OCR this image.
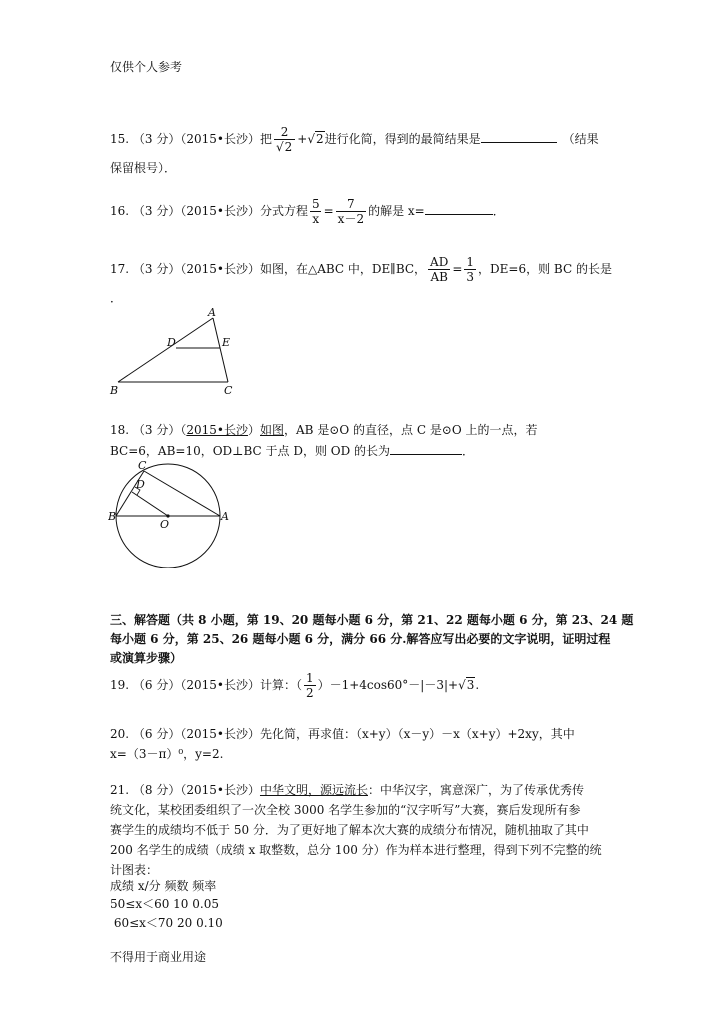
仅供个人参考
15. （3 分）（2015•长沙）把 $\frac{2}{√2} +√2$进行化简，得到的最简结果是	（结果
保留根号）．
16. （3 分）（2015•长沙）分式方程 $\frac{5}{x} = \frac{7}{x-2}$ 的解是 x=	．
17. （3 分）（2015•长沙）如图，在△ABC 中，DE∥BC， $\frac{AD}{AB} = \frac{1}{3}$ ，DE=6，则 BC 的长是
．
A
B	C
D	E
18. （3 分）（2015•长沙）如图，AB 是⊙O 的直径，点 C 是⊙O 上的一点，若
BC=6，AB=10，OD⊥BC 于点 D，则 OD 的长为	．
C
D
B
O
A
三、解答题（共 8 小题，第 19、20 题每小题 6 分，第 21、22 题每小题 6 分，第 23、24 题
每小题 6 分，第 25、26 题每小题 6 分，满分 66 分.解答应写出必要的文字说明，证明过程
或演算步骤）
19. （6 分）（2015•长沙）计算：（ $\frac{1}{2} )-1+4\cos 60^\circ-|-3|+√3$.
20. （6 分）（2015•长沙）先化简，再求值：（x+y）（x－y）－x（x+y）+2xy，其中
x=（3－π）⁰，y=2.
21. （8 分）（2015•长沙）中华文明，源远流长：中华汉字，寓意深广，为了传承优秀传
统文化，某校团委组织了一次全校 3000 名学生参加的“汉字听写”大赛，赛后发现所有参
赛学生的成绩均不低于 50 分．为了更好地了解本次大赛的成绩分布情况，随机抽取了其中
200 名学生的成绩（成绩 x 取整数，总分 100 分）作为样本进行整理，得到下列不完整的统
计图表：
成绩 x/分 频数 频率
50≤x＜60 10 0.05
60≤x＜70 20 0.10
不得用于商业用途
